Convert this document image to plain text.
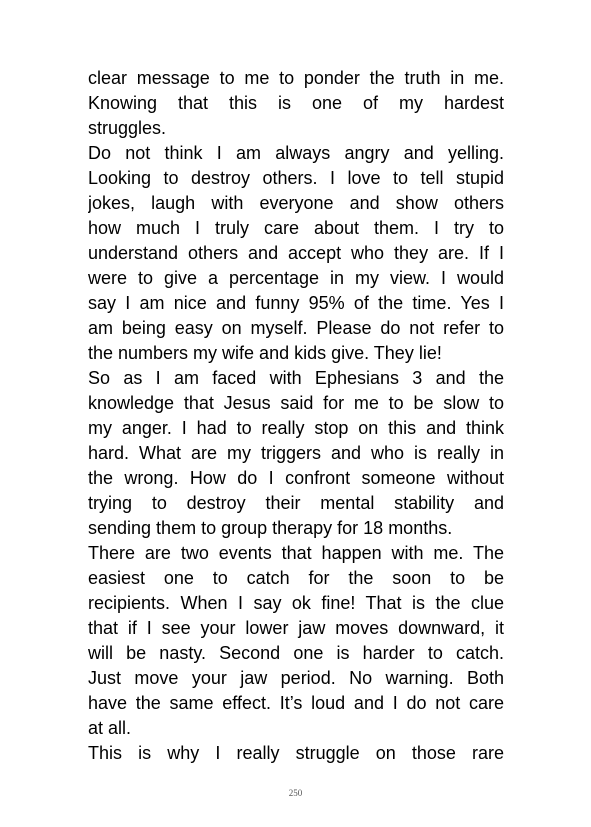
clear message to me to ponder the truth in me.
Knowing that this is one of my hardest
struggles.
Do not think I am always angry and yelling.
Looking to destroy others. I love to tell stupid
jokes, laugh with everyone and show others
how much I truly care about them. I try to
understand others and accept who they are. If I
were to give a percentage in my view. I would
say I am nice and funny 95% of the time. Yes I
am being easy on myself. Please do not refer to
the numbers my wife and kids give. They lie!
So as I am faced with Ephesians 3 and the
knowledge that Jesus said for me to be slow to
my anger. I had to really stop on this and think
hard. What are my triggers and who is really in
the wrong. How do I confront someone without
trying to destroy their mental stability and
sending them to group therapy for 18 months.
There are two events that happen with me. The
easiest one to catch for the soon to be
recipients. When I say ok fine! That is the clue
that if I see your lower jaw moves downward, it
will be nasty. Second one is harder to catch.
Just move your jaw period. No warning. Both
have the same effect. It’s loud and I do not care
at all.
This is why I really struggle on those rare
250
